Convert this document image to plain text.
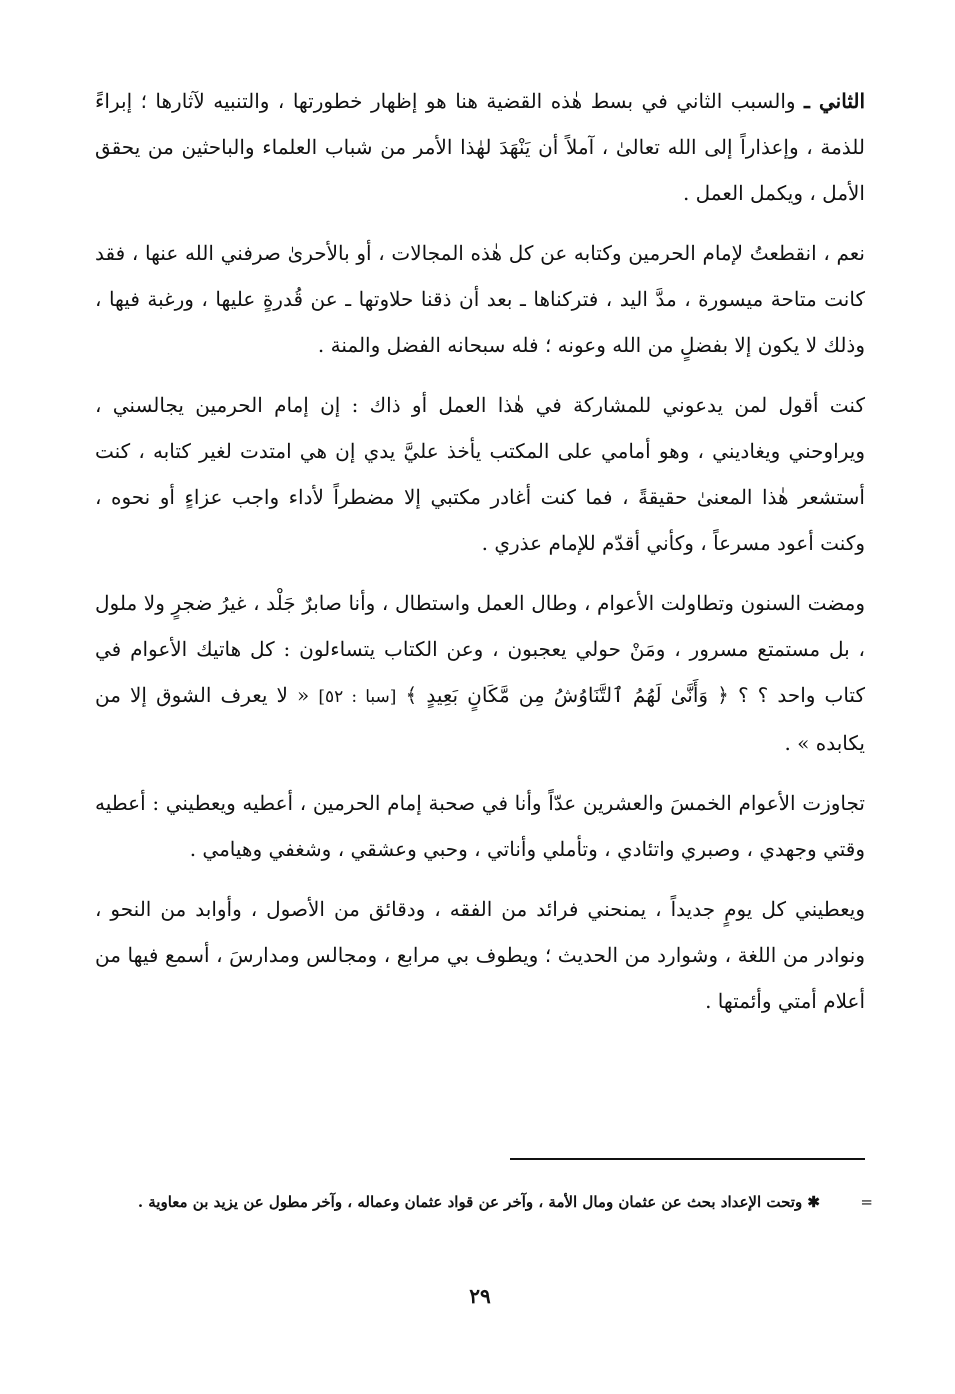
الثاني ـ والسبب الثاني في بسط هٰذه القضية هنا هو إظهار خطورتها ، والتنبيه لآثارها ؛ إبراءً للذمة ، وإعذاراً إلى الله تعالىٰ ، آملاً أن يَنْهَدَ لهٰذا الأمر من شباب العلماء والباحثين من يحقق الأمل ، ويكمل العمل .

نعم ، انقطعتُ لإمام الحرمين وكتابه عن كل هٰذه المجالات ، أو بالأحرىٰ صرفني الله عنها ، فقد كانت متاحة ميسورة ، مدَّ اليد ، فتركناها ـ بعد أن ذقنا حلاوتها ـ عن قُدرةٍ عليها ، ورغبة فيها ، وذلك لا يكون إلا بفضلٍ من الله وعونه ؛ فله سبحانه الفضل والمنة .

كنت أقول لمن يدعوني للمشاركة في هٰذا العمل أو ذاك : إن إمام الحرمين يجالسني ، ويراوحني ويغاديني ، وهو أمامي على المكتب يأخذ عليَّ يدي إن هي امتدت لغير كتابه ، كنت أستشعر هٰذا المعنىٰ حقيقةً ، فما كنت أغادر مكتبي إلا مضطراً لأداء واجب عزاءٍ أو نحوه ، وكنت أعود مسرعاً ، وكأني أقدّم للإمام عذري .

ومضت السنون وتطاولت الأعوام ، وطال العمل واستطال ، وأنا صابرٌ جَلْد ، غيرُ ضجرٍ ولا ملول ، بل مستمتع مسرور ، ومَنْ حولي يعجبون ، وعن الكتاب يتساءلون : كل هاتيك الأعوام في كتاب واحد ؟ ؟ ﴿ وَأَنَّىٰ لَهُمُ ٱلتَّنَاوُشُ مِن مَّكَانٍ بَعِيدٍ ﴾ [سبا : ٥٢] « لا يعرف الشوق إلا من يكابده » .

تجاوزت الأعوام الخمسَ والعشرين عدّاً وأنا في صحبة إمام الحرمين ، أعطيه ويعطيني : أعطيه وقتي وجهدي ، وصبري واتئادي ، وتأملي وأناتي ، وحبي وعشقي ، وشغفي وهيامي .

ويعطيني كل يومٍ جديداً ، يمنحني فرائد من الفقه ، ودقائق من الأصول ، وأوابد من النحو ، ونوادر من اللغة ، وشوارد من الحديث ؛ ويطوف بي مرابع ، ومجالس ومدارسَ ، أسمع فيها من أعلام أمتي وأئمتها .

=
✱ وتحت الإعداد بحث عن عثمان ومال الأمة ، وآخر عن قواد عثمان وعماله ، وآخر مطول عن يزيد بن معاوية .
٢٩
